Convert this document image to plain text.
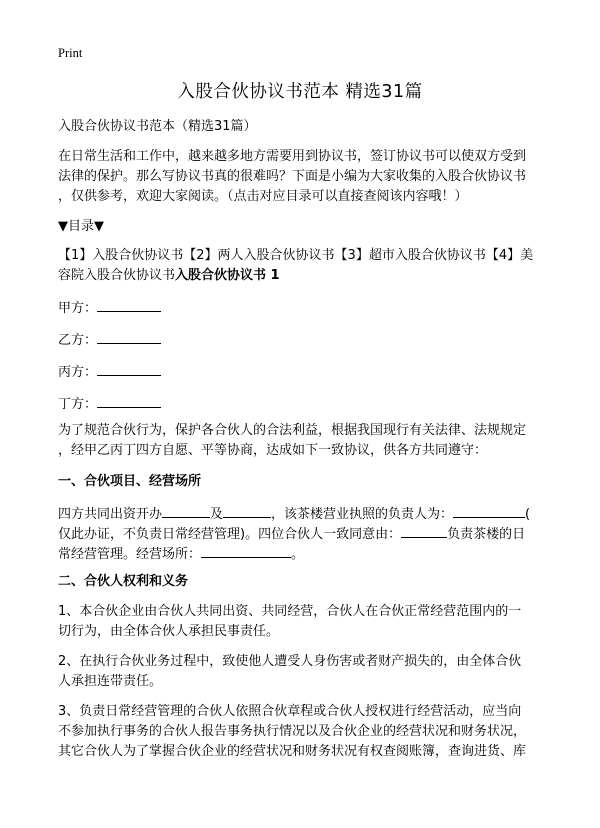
Print
入股合伙协议书范本 精选31篇
入股合伙协议书范本（精选31篇）
在日常生活和工作中，越来越多地方需要用到协议书，签订协议书可以使双方受到
法律的保护。那么写协议书真的很难吗？下面是小编为大家收集的入股合伙协议书
，仅供参考，欢迎大家阅读。（点击对应目录可以直接查阅该内容哦！）
▼目录▼
【1】入股合伙协议书【2】两人入股合伙协议书【3】超市入股合伙协议书【4】美
容院入股合伙协议书入股合伙协议书 1
甲方：
乙方：
丙方：
丁方：
为了规范合伙行为，保护各合伙人的合法利益，根据我国现行有关法律、法规规定
，经甲乙丙丁四方自愿、平等协商，达成如下一致协议，供各方共同遵守：
一、合伙项目、经营场所
四方共同出资开办	及	，该茶楼营业执照的负责人为：	(
仅此办证，不负责日常经营管理)。四位合伙人一致同意由：	负责茶楼的日
常经营管理。经营场所：	。
二、合伙人权利和义务
1、本合伙企业由合伙人共同出资、共同经营，合伙人在合伙正常经营范围内的一
切行为，由全体合伙人承担民事责任。
2、在执行合伙业务过程中，致使他人遭受人身伤害或者财产损失的，由全体合伙
人承担连带责任。
3、负责日常经营管理的合伙人依照合伙章程或合伙人授权进行经营活动，应当向
不参加执行事务的合伙人报告事务执行情况以及合伙企业的经营状况和财务状况，
其它合伙人为了掌握合伙企业的经营状况和财务状况有权查阅账簿，查询进货、库
